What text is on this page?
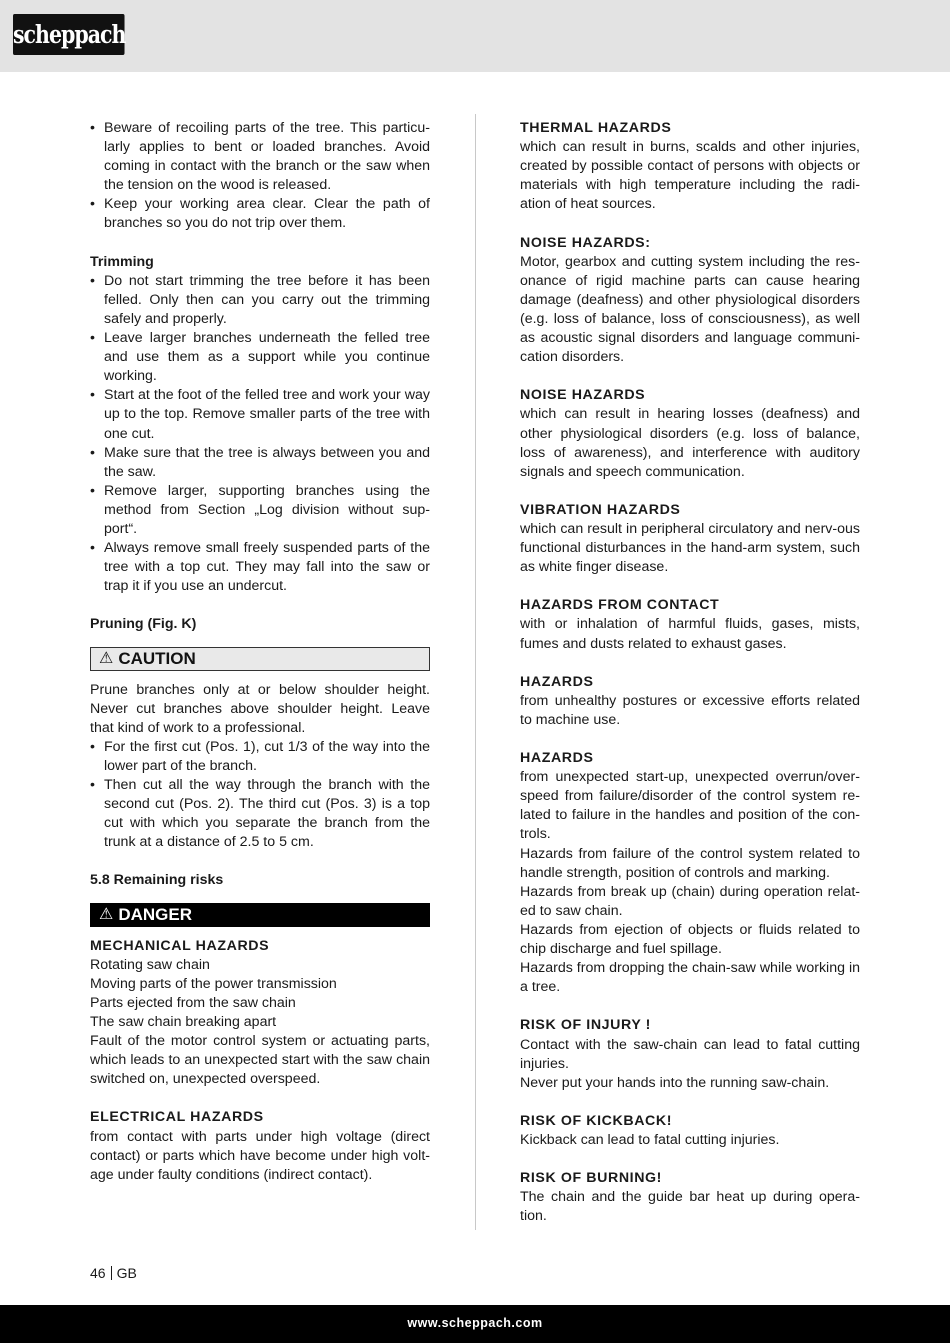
scheppach
• Beware of recoiling parts of the tree. This particu-larly applies to bent or loaded branches. Avoid coming in contact with the branch or the saw when the tension on the wood is released.
• Keep your working area clear. Clear the path of branches so you do not trip over them.
Trimming
• Do not start trimming the tree before it has been felled. Only then can you carry out the trimming safely and properly.
• Leave larger branches underneath the felled tree and use them as a support while you continue working.
• Start at the foot of the felled tree and work your way up to the top. Remove smaller parts of the tree with one cut.
• Make sure that the tree is always between you and the saw.
• Remove larger, supporting branches using the method from Section „Log division without sup-port“.
• Always remove small freely suspended parts of the tree with a top cut. They may fall into the saw or trap it if you use an undercut.
Pruning (Fig. K)
⚠ CAUTION

Prune branches only at or below shoulder height. Never cut branches above shoulder height. Leave that kind of work to a professional.

• For the first cut (Pos. 1), cut 1/3 of the way into the lower part of the branch.
• Then cut all the way through the branch with the second cut (Pos. 2). The third cut (Pos. 3) is a top cut with which you separate the branch from the trunk at a distance of 2.5 to 5 cm.
5.8 Remaining risks
⚠ DANGER
MECHANICAL HAZARDS

Rotating saw chain

Moving parts of the power transmission

Parts ejected from the saw chain

The saw chain breaking apart

Fault of the motor control system or actuating parts, which leads to an unexpected start with the saw chain switched on, unexpected overspeed.

ELECTRICAL HAZARDS

from contact with parts under high voltage (direct contact) or parts which have become under high volt-age under faulty conditions (indirect contact).

THERMAL HAZARDS

which can result in burns, scalds and other injuries, created by possible contact of persons with objects or materials with high temperature including the radi-ation of heat sources.

NOISE HAZARDS:

Motor, gearbox and cutting system including the res-onance of rigid machine parts can cause hearing damage (deafness) and other physiological disorders (e.g. loss of balance, loss of consciousness), as well as acoustic signal disorders and language communi-cation disorders.

NOISE HAZARDS

which can result in hearing losses (deafness) and other physiological disorders (e.g. loss of balance, loss of awareness), and interference with auditory signals and speech communication.

VIBRATION HAZARDS

which can result in peripheral circulatory and nerv-ous functional disturbances in the hand-arm system, such as white finger disease.

HAZARDS FROM CONTACT

with or inhalation of harmful fluids, gases, mists, fumes and dusts related to exhaust gases.

HAZARDS

from unhealthy postures or excessive efforts related to machine use.

HAZARDS

from unexpected start-up, unexpected overrun/over-speed from failure/disorder of the control system re-lated to failure in the handles and position of the con-trols.

Hazards from failure of the control system related to handle strength, position of controls and marking.

Hazards from break up (chain) during operation relat-ed to saw chain.

Hazards from ejection of objects or fluids related to chip discharge and fuel spillage.

Hazards from dropping the chain-saw while working in a tree.

RISK OF INJURY !

Contact with the saw-chain can lead to fatal cutting injuries.

Never put your hands into the running saw-chain.

RISK OF KICKBACK!

Kickback can lead to fatal cutting injuries.

RISK OF BURNING!

The chain and the guide bar heat up during opera-tion.

46 GB
www.scheppach.com
